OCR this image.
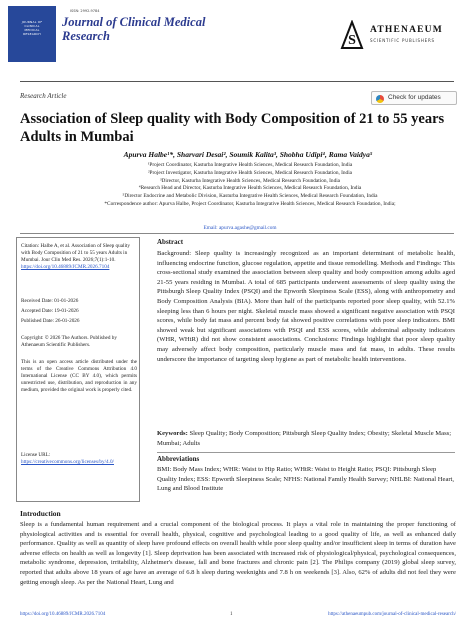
JOURNAL OF
CLINICAL
MEDICAL
RESEARCH
ISSN: 2992-9784
Journal of Clinical Medical Research	S
ATHENAEUM
SCIENTIFIC PUBLISHERS
Research Article	Check for updates
Association of Sleep quality with Body Composition of 21 to 55 years Adults in Mumbai
Apurva Halbe¹*, Sharvari Desai², Soumik Kalita³, Shobha Udipi⁴, Rama Vaidya⁵
¹Project Coordinator, Kasturba Integrative Health Sciences, Medical Research Foundation, India
²Project Investigator, Kasturba Integrative Health Sciences, Medical Research Foundation, India
³Director, Kasturba Integrative Health Sciences, Medical Research Foundation, India
⁴Research Head and Director, Kasturba Integrative Health Sciences, Medical Research Foundation, India
⁵Director Endocrine and Metabolic Division, Kasturba Integrative Health Sciences, Medical Research Foundation, India
*Correspondence author: Apurva Halbe, Project Coordinator, Kasturba Integrative Health Sciences, Medical Research Foundation, India;
Email: apurva.agashe@gmail.com
Citation: Halbe A, et al. Association of Sleep quality with Body Composition of 21 to 55 years Adults in Mumbai. Jour Clin Med Res. 2026;7(1):1-10. https://doi.org/10.46889/JCMR.2026.7104
Received Date: 01-01-2026
Accepted Date: 19-01-2026
Published Date: 26-01-2026
Copyright: © 2026 The Authors. Published by Athenaeum Scientific Publishers.
This is an open access article distributed under the terms of the Creative Commons Attribution 4.0 International License (CC BY 4.0), which permits unrestricted use, distribution, and reproduction in any medium, provided the original work is properly cited.
License URL:
https://creativecommons.org/licenses/by/4.0/
Abstract
Background: Sleep quality is increasingly recognized as an important determinant of metabolic health, influencing endocrine function, glucose regulation, appetite and tissue remodelling. Methods and Findings: This cross-sectional study examined the association between sleep quality and body composition among adults aged 21-55 years residing in Mumbai. A total of 685 participants underwent assessments of sleep quality using the Pittsburgh Sleep Quality Index (PSQI) and the Epworth Sleepiness Scale (ESS), along with anthropometry and Body Composition Analysis (BIA). More than half of the participants reported poor sleep quality, with 52.1% sleeping less than 6 hours per night. Skeletal muscle mass showed a significant negative association with PSQI scores, while body fat mass and percent body fat showed positive correlations with poor sleep indicators. BMI showed weak but significant associations with PSQI and ESS scores, while abdominal adiposity indicators (WHR, WHtR) did not show consistent associations. Conclusions: Findings highlight that poor sleep quality may adversely affect body composition, particularly muscle mass and fat mass, in adults. These results underscore the importance of targeting sleep hygiene as part of metabolic health interventions.
Keywords: Sleep Quality; Body Composition; Pittsburgh Sleep Quality Index; Obesity; Skeletal Muscle Mass; Mumbai; Adults
Abbreviations
BMI: Body Mass Index; WHR: Waist to Hip Ratio; WHtR: Waist to Height Ratio; PSQI: Pittsburgh Sleep Quality Index; ESS: Epworth Sleepiness Scale; NFHS: National Family Health Survey; NHLBI: National Heart, Lung and Blood Institute
Introduction
Sleep is a fundamental human requirement and a crucial component of the biological process. It plays a vital role in maintaining the proper functioning of physiological activities and is essential for overall health, physical, cognitive and psychological leading to a good quality of life, as well as enhanced daily performance. Quality as well as quantity of sleep have profound effects on overall health while poor sleep quality and/or insufficient sleep in terms of duration have adverse effects on health as well as longevity [1]. Sleep deprivation has been associated with increased risk of physiological/physical, psychological consequences, metabolic syndrome, depression, irritability, Alzheimer's disease, fall and bone fractures and chronic pain [2]. The Philips company (2019) global sleep survey, reported that adults above 18 years of age have an average of 6.8 h sleep during weeknights and 7.8 h on weekends [3]. Also, 62% of adults did not feel they were getting enough sleep. As per the National Heart, Lung and
https://doi.org/10.46889/JCMR.2026.7104	1	https://athenaeumpub.com/journal-of-clinical-medical-research/
